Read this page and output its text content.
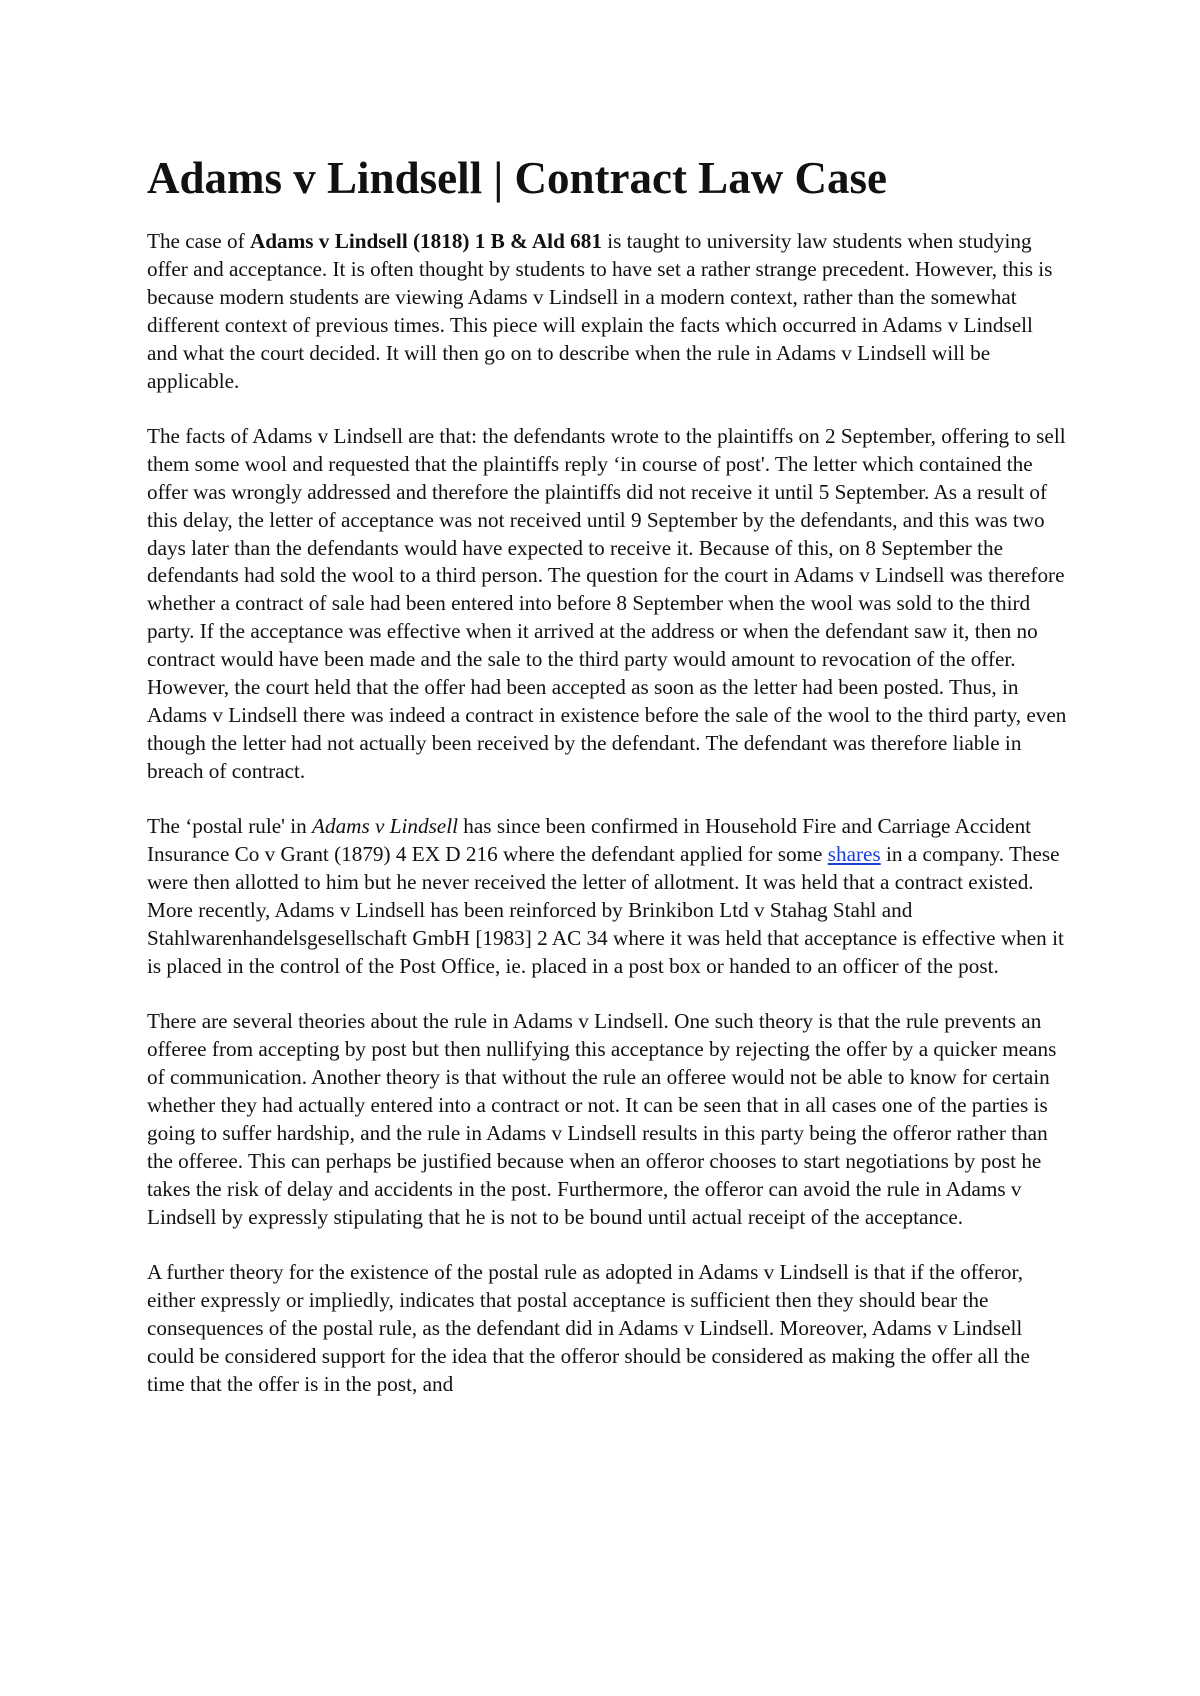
Adams v Lindsell | Contract Law Case

The case of Adams v Lindsell (1818) 1 B & Ald 681 is taught to university law students when studying offer and acceptance. It is often thought by students to have set a rather strange precedent. However, this is because modern students are viewing Adams v Lindsell in a modern context, rather than the somewhat different context of previous times. This piece will explain the facts which occurred in Adams v Lindsell and what the court decided. It will then go on to describe when the rule in Adams v Lindsell will be applicable.

The facts of Adams v Lindsell are that: the defendants wrote to the plaintiffs on 2 September, offering to sell them some wool and requested that the plaintiffs reply ‘in course of post'. The letter which contained the offer was wrongly addressed and therefore the plaintiffs did not receive it until 5 September. As a result of this delay, the letter of acceptance was not received until 9 September by the defendants, and this was two days later than the defendants would have expected to receive it. Because of this, on 8 September the defendants had sold the wool to a third person. The question for the court in Adams v Lindsell was therefore whether a contract of sale had been entered into before 8 September when the wool was sold to the third party. If the acceptance was effective when it arrived at the address or when the defendant saw it, then no contract would have been made and the sale to the third party would amount to revocation of the offer. However, the court held that the offer had been accepted as soon as the letter had been posted. Thus, in Adams v Lindsell there was indeed a contract in existence before the sale of the wool to the third party, even though the letter had not actually been received by the defendant. The defendant was therefore liable in breach of contract.

The ‘postal rule' in Adams v Lindsell has since been confirmed in Household Fire and Carriage Accident Insurance Co v Grant (1879) 4 EX D 216 where the defendant applied for some shares in a company. These were then allotted to him but he never received the letter of allotment. It was held that a contract existed. More recently, Adams v Lindsell has been reinforced by Brinkibon Ltd v Stahag Stahl and Stahlwarenhandelsgesellschaft GmbH [1983] 2 AC 34 where it was held that acceptance is effective when it is placed in the control of the Post Office, ie. placed in a post box or handed to an officer of the post.

There are several theories about the rule in Adams v Lindsell. One such theory is that the rule prevents an offeree from accepting by post but then nullifying this acceptance by rejecting the offer by a quicker means of communication. Another theory is that without the rule an offeree would not be able to know for certain whether they had actually entered into a contract or not. It can be seen that in all cases one of the parties is going to suffer hardship, and the rule in Adams v Lindsell results in this party being the offeror rather than the offeree. This can perhaps be justified because when an offeror chooses to start negotiations by post he takes the risk of delay and accidents in the post. Furthermore, the offeror can avoid the rule in Adams v Lindsell by expressly stipulating that he is not to be bound until actual receipt of the acceptance.

A further theory for the existence of the postal rule as adopted in Adams v Lindsell is that if the offeror, either expressly or impliedly, indicates that postal acceptance is sufficient then they should bear the consequences of the postal rule, as the defendant did in Adams v Lindsell. Moreover, Adams v Lindsell could be considered support for the idea that the offeror should be considered as making the offer all the time that the offer is in the post, and
